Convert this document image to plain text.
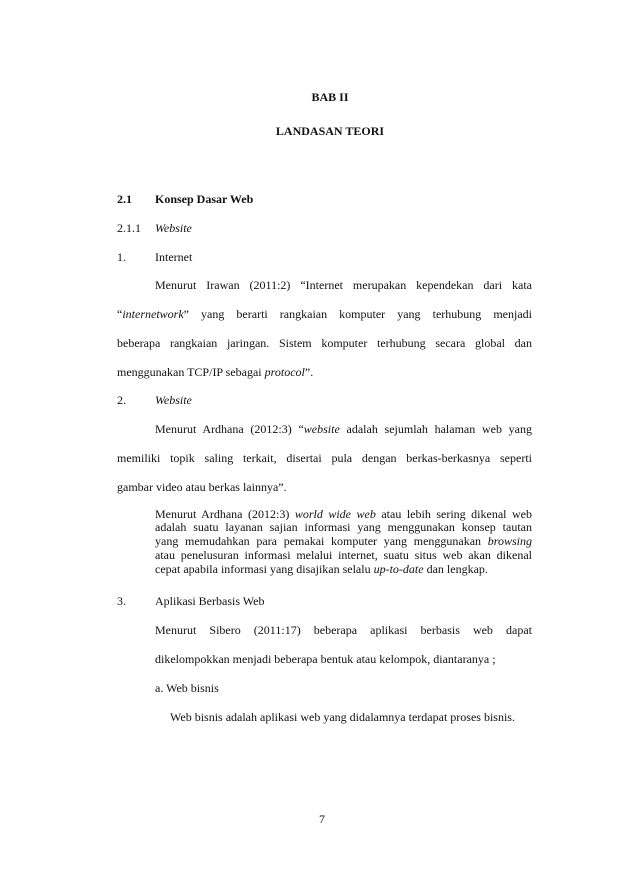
BAB II
LANDASAN TEORI
2.1 Konsep Dasar Web
2.1.1 Website
1. Internet
Menurut Irawan (2011:2) “Internet merupakan kependekan dari kata
“internetwork” yang berarti rangkaian komputer yang terhubung menjadi
beberapa rangkaian jaringan. Sistem komputer terhubung secara global dan
menggunakan TCP/IP sebagai protocol”.
2. Website
Menurut Ardhana (2012:3) “website adalah sejumlah halaman web yang
memiliki topik saling terkait, disertai pula dengan berkas-berkasnya seperti
gambar video atau berkas lainnya”.
Menurut Ardhana (2012:3) world wide web atau lebih sering dikenal web
adalah suatu layanan sajian informasi yang menggunakan konsep tautan
yang memudahkan para pemakai komputer yang menggunakan browsing
atau penelusuran informasi melalui internet, suatu situs web akan dikenal
cepat apabila informasi yang disajikan selalu up-to-date dan lengkap.
3. Aplikasi Berbasis Web
Menurut Sibero (2011:17) beberapa aplikasi berbasis web dapat
dikelompokkan menjadi beberapa bentuk atau kelompok, diantaranya ;
a. Web bisnis
Web bisnis adalah aplikasi web yang didalamnya terdapat proses bisnis.
7
